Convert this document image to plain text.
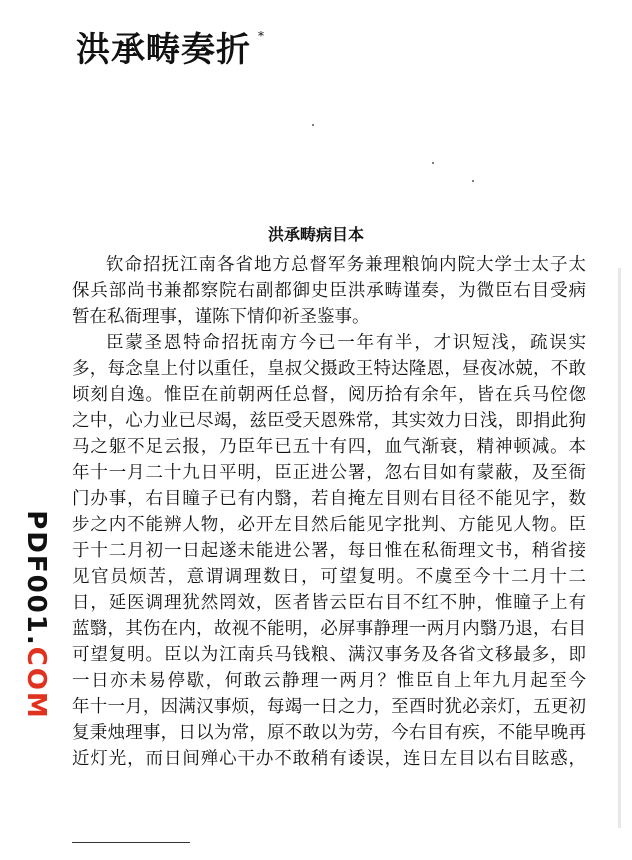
洪承畴奏折 *
洪承畴病目本
钦命招抚江南各省地方总督军务兼理粮饷内院大学士太子太
保兵部尚书兼都察院右副都御史臣洪承畴谨奏，为微臣右目受病
暂在私衙理事，谨陈下情仰祈圣鉴事。
臣蒙圣恩特命招抚南方今已一年有半，才识短浅，疏误实
多，每念皇上付以重任，皇叔父摄政王特达隆恩，昼夜冰兢，不敢
顷刻自逸。惟臣在前朝两任总督，阅历拾有余年，皆在兵马倥偬
之中，心力业已尽竭，兹臣受天恩殊常，其实效力日浅，即捐此狗
马之躯不足云报，乃臣年已五十有四，血气渐衰，精神顿减。本
年十一月二十九日平明，臣正进公署，忽右目如有蒙蔽，及至衙
门办事，右目瞳子已有内翳，若自掩左目则右目径不能见字，数
步之内不能辨人物，必开左目然后能见字批判、方能见人物。臣
于十二月初一日起遂未能进公署，每日惟在私衙理文书，稍省接
见官员烦苦，意谓调理数日，可望复明。不虞至今十二月十二
日，延医调理犹然罔效，医者皆云臣右目不红不肿，惟瞳子上有
蓝翳，其伤在内，故视不能明，必屏事静理一两月内翳乃退，右目
可望复明。臣以为江南兵马钱粮、满汉事务及各省文移最多，即
一日亦未易停歇，何敢云静理一两月？惟臣自上年九月起至今
年十一月，因满汉事烦，每竭一日之力，至酉时犹必亲灯，五更初
复秉烛理事，日以为常，原不敢以为劳，今右目有疾，不能早晚再
近灯光，而日间殚心干办不敢稍有诿误，连日左目以右目眩惑，
PDF001.COM
